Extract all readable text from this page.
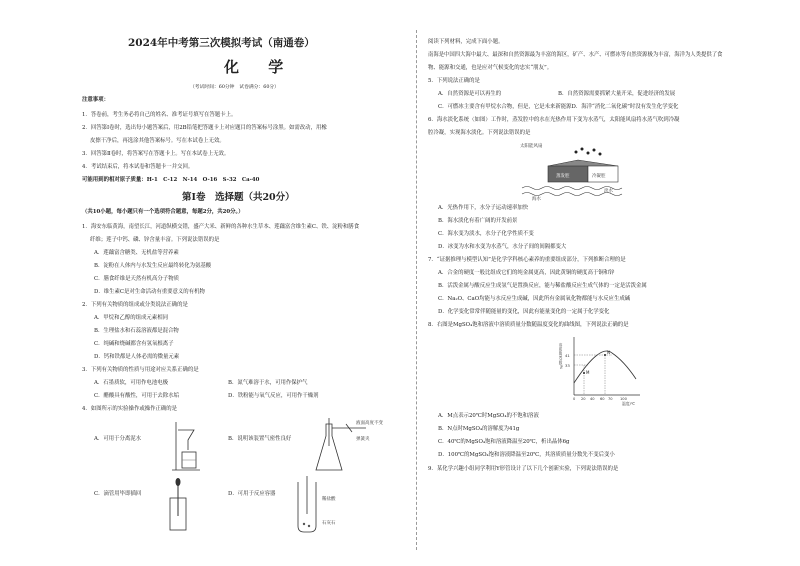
2024年中考第三次模拟考试（南通卷）
化 学
（考试时间：60分钟　试卷满分：60分）
注意事项：
1．答卷前，考生务必将自己的姓名、准考证号填写在答题卡上。
2．回答第Ⅰ卷时，选出每小题答案后，用2B铅笔把答题卡上对应题目的答案标号涂黑。如需改动，用橡
皮擦干净后，再选涂其他答案标号。写在本试卷上无效。
3．回答第Ⅱ卷时，将答案写在答题卡上。写在本试卷上无效。
4．考试结束后，将本试卷和答题卡一并交回。
可能用到的相对原子质量：H-1　C-12　N-14　O-16　S-32　Ca-40
第Ⅰ卷　选择题（共20分）
（共10小题，每小题只有一个选项符合题意，每题2分，共20分。）
1．海安东临黄海，南望长江，河道纵横交错，盛产大米、新鲜的各种水生草本、莲藕富含维生素C、铁、淀粉和膳食
纤维；莲子中钙、磷、锌含量丰富。下列说法错误的是
A．莲藕富含糖类、无机盐等营养素
B．淀粉在人体内与水发生反应最终转化为氨基酸
C．膳食纤维是天然有机高分子物质
D．维生素C是对生命活动有重要意义的有机物
2．下列有关物质的组成或分类说法正确的是
A．甲烷和乙醇的组成元素相同
B．生理盐水和石蕊溶液都是混合物
C．纯碱和烧碱都含有氢氧根离子
D．钙和铁都是人体必需的微量元素
3．下列有关物质的性质与用途对应关系正确的是
A．石墨质软，可用作电池电极	B．氮气难溶于水，可用作保护气
C．醋酸具有酸性，可用于去除水垢	D．铁粉能与氧气反应，可用作干燥剂
4．如图所示的实验操作或操作正确的是
A．可用于分离泥水
液面高度不变
弹簧夹
B．说明该装置气密性良好
C．滴管用毕即插回
稀盐酸
石灰石
D．可用于反应容器
阅读下列材料，完成下面小题。
南海是中国四大海中最大、最深和自然资源最为丰富的海区，矿产、水产、可燃冰等自然资源极为丰富，海洋为人类提供了食
物、能源和交通，也是应对气候变化的忠实“朋友”。
5．下列说法正确的是
A．自然资源是可以再生的	B．自然资源需要抓紧大量开采，促进经济的发展
C．可燃冰主要含有甲烷水合物，但是，它是未来新能源D．海洋“消化二氧化碳”时没有发生化学变化
6．海水淡化系统（如图）工作时，蒸发腔中的水在光热作用下变为水蒸气，太阳能风扇将水蒸气吹到冷凝
腔冷凝，实现海水淡化。下列说法错误的是
太阳能风扇
蒸发腔	冷凝腔
海水
淡水
A．光热作用下，水分子运动速率加快
B．海水淡化有着广阔的开发前景
C．海水变为淡水，水分子化学性质不变
D．冰变为水和水变为水蒸气，水分子间的间隔都变大
7．“证据推理与模型认知”是化学学科核心素养的重要组成部分，下列推断合理的是
A．合金的硬度一般比组成它们的纯金属更高，因此黄铜的硬度高于铜和锌
B．活泼金属与酸反应生成氢气是置换反应，能与稀盐酸反应生成气体的一定是活泼金属
C．Na₂O、CaO均能与水反应生成碱，因此所有金属氧化物都能与水反应生成碱
D．化学变化常常伴随能量的变化，因此有能量变化的一定属于化学变化
8．右图是MgSO₄饱和溶液中溶质质量分数随温度变化的曲线图，下列说法正确的是
溶质质量分数/%
温度/℃
41
33
0 20 40 60 70 100
M
N
A．M点表示20℃时MgSO₄的不饱和溶液
B．N点时MgSO₄的溶解度为41g
C．40℃的MgSO₄饱和溶液降温至20℃，析出晶体6g
D．100℃的MgSO₄饱和溶液降温至20℃，其溶质质量分数先不变后变小
9．某化学兴趣小组同学利用Y形管设计了以下几个创新实验，下列说法错误的是
